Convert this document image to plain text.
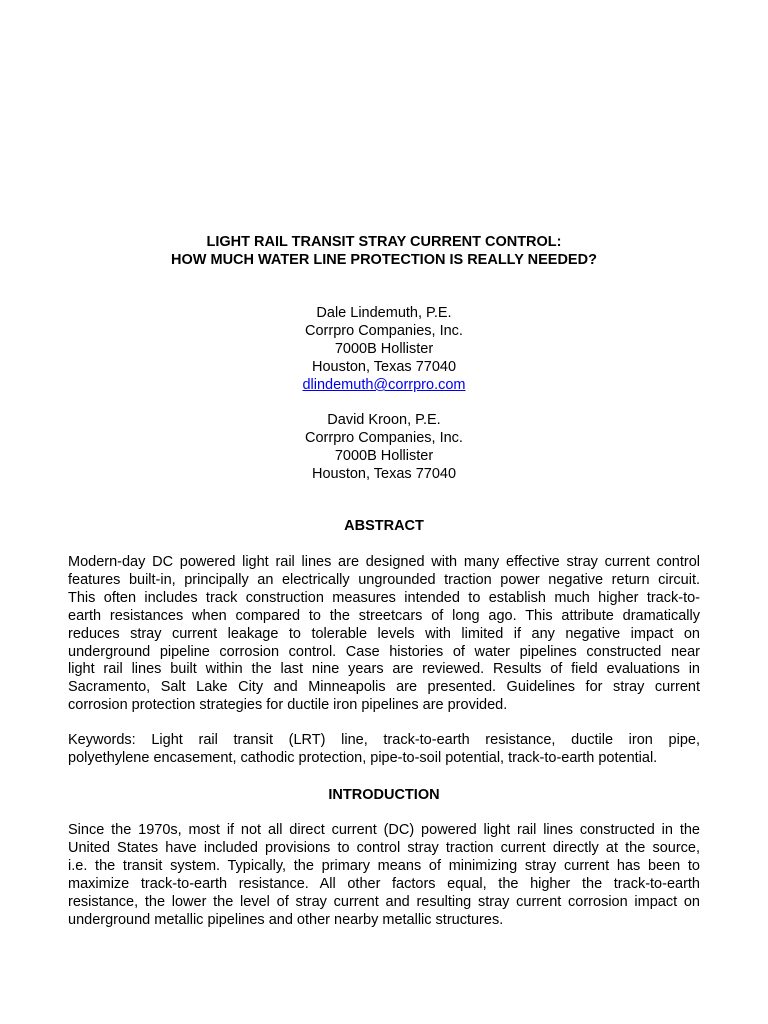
LIGHT RAIL TRANSIT STRAY CURRENT CONTROL:
HOW MUCH WATER LINE PROTECTION IS REALLY NEEDED?
Dale Lindemuth, P.E.
Corrpro Companies, Inc.
7000B Hollister
Houston, Texas 77040
dlindemuth@corrpro.com
David Kroon, P.E.
Corrpro Companies, Inc.
7000B Hollister
Houston, Texas 77040
ABSTRACT
Modern-day DC powered light rail lines are designed with many effective stray current control
features built-in, principally an electrically ungrounded traction power negative return circuit.
This often includes track construction measures intended to establish much higher track-to-
earth resistances when compared to the streetcars of long ago. This attribute dramatically
reduces stray current leakage to tolerable levels with limited if any negative impact on
underground pipeline corrosion control. Case histories of water pipelines constructed near
light rail lines built within the last nine years are reviewed. Results of field evaluations in
Sacramento, Salt Lake City and Minneapolis are presented. Guidelines for stray current
corrosion protection strategies for ductile iron pipelines are provided.
Keywords: Light rail transit (LRT) line, track-to-earth resistance, ductile iron pipe,
polyethylene encasement, cathodic protection, pipe-to-soil potential, track-to-earth potential.
INTRODUCTION
Since the 1970s, most if not all direct current (DC) powered light rail lines constructed in the
United States have included provisions to control stray traction current directly at the source,
i.e. the transit system. Typically, the primary means of minimizing stray current has been to
maximize track-to-earth resistance. All other factors equal, the higher the track-to-earth
resistance, the lower the level of stray current and resulting stray current corrosion impact on
underground metallic pipelines and other nearby metallic structures.
